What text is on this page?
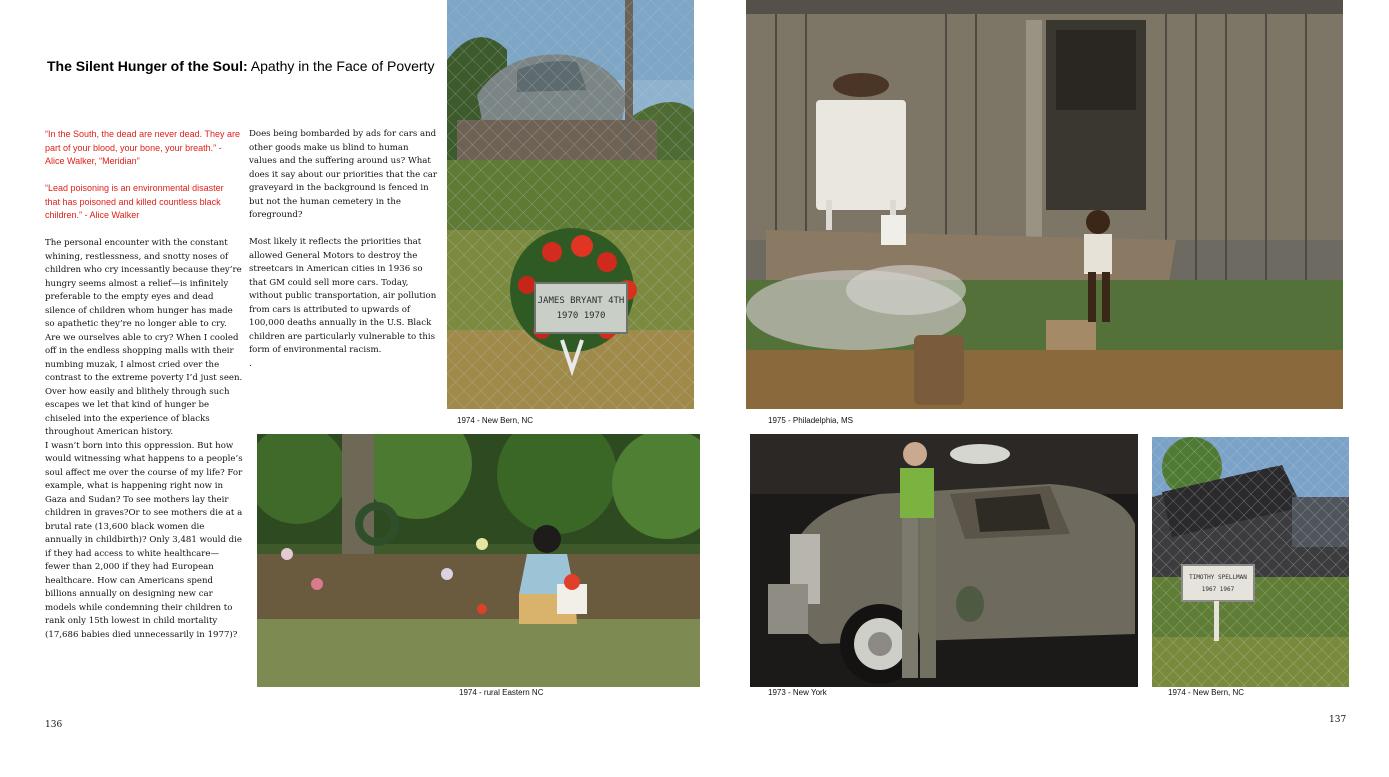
The Silent Hunger of the Soul: Apathy in the Face of Poverty
“In the South, the dead are never dead. They are part of your blood, your bone, your breath.” - Alice Walker, “Meridian”
“Lead poisoning is an environmental disaster that has poisoned and killed countless black children.” - Alice Walker

The personal encounter with the constant whining, restlessness, and snotty noses of children who cry incessantly because they’re hungry seems almost a relief—is infinitely preferable to the empty eyes and dead silence of children whom hunger has made so apathetic they’re no longer able to cry. Are we ourselves able to cry? When I cooled off in the endless shopping malls with their numbing muzak, I almost cried over the contrast to the extreme poverty I’d just seen. Over how easily and blithely through such escapes we let that kind of hunger be chiseled into the experience of blacks throughout American history.

I wasn’t born into this oppression. But how would witnessing what happens to a people’s soul affect me over the course of my life? For example, what is happening right now in Gaza and Sudan? To see mothers lay their children in graves?Or to see mothers die at a brutal rate (13,600 black women die annually in childbirth)? Only 3,481 would die if they had access to white healthcare—fewer than 2,000 if they had European healthcare. How can Americans spend billions annually on designing new car models while condemning their children to rank only 15th lowest in child mortality (17,686 babies died unnecessarily in 1977)?

Does being bombarded by ads for cars and other goods make us blind to human values and the suffering around us? What does it say about our priorities that the car graveyard in the background is fenced in but not the human cemetery in the foreground?

Most likely it reflects the priorities that allowed General Motors to destroy the streetcars in American cities in 1936 so that GM could sell more cars. Today, without public transportation, air pollution from cars is attributed to upwards of 100,000 deaths annually in the U.S. Black children are particularly vulnerable to this form of environmental racism.

.

JAMES BRYANT 4TH
1970 1970
1974 - New Bern, NC	1975 - Philadelphia, MS
1974 - rural Eastern NC	1973 - New York
TIMOTHY SPELLMAN
1967 1967
1974 - New Bern, NC
136	137
